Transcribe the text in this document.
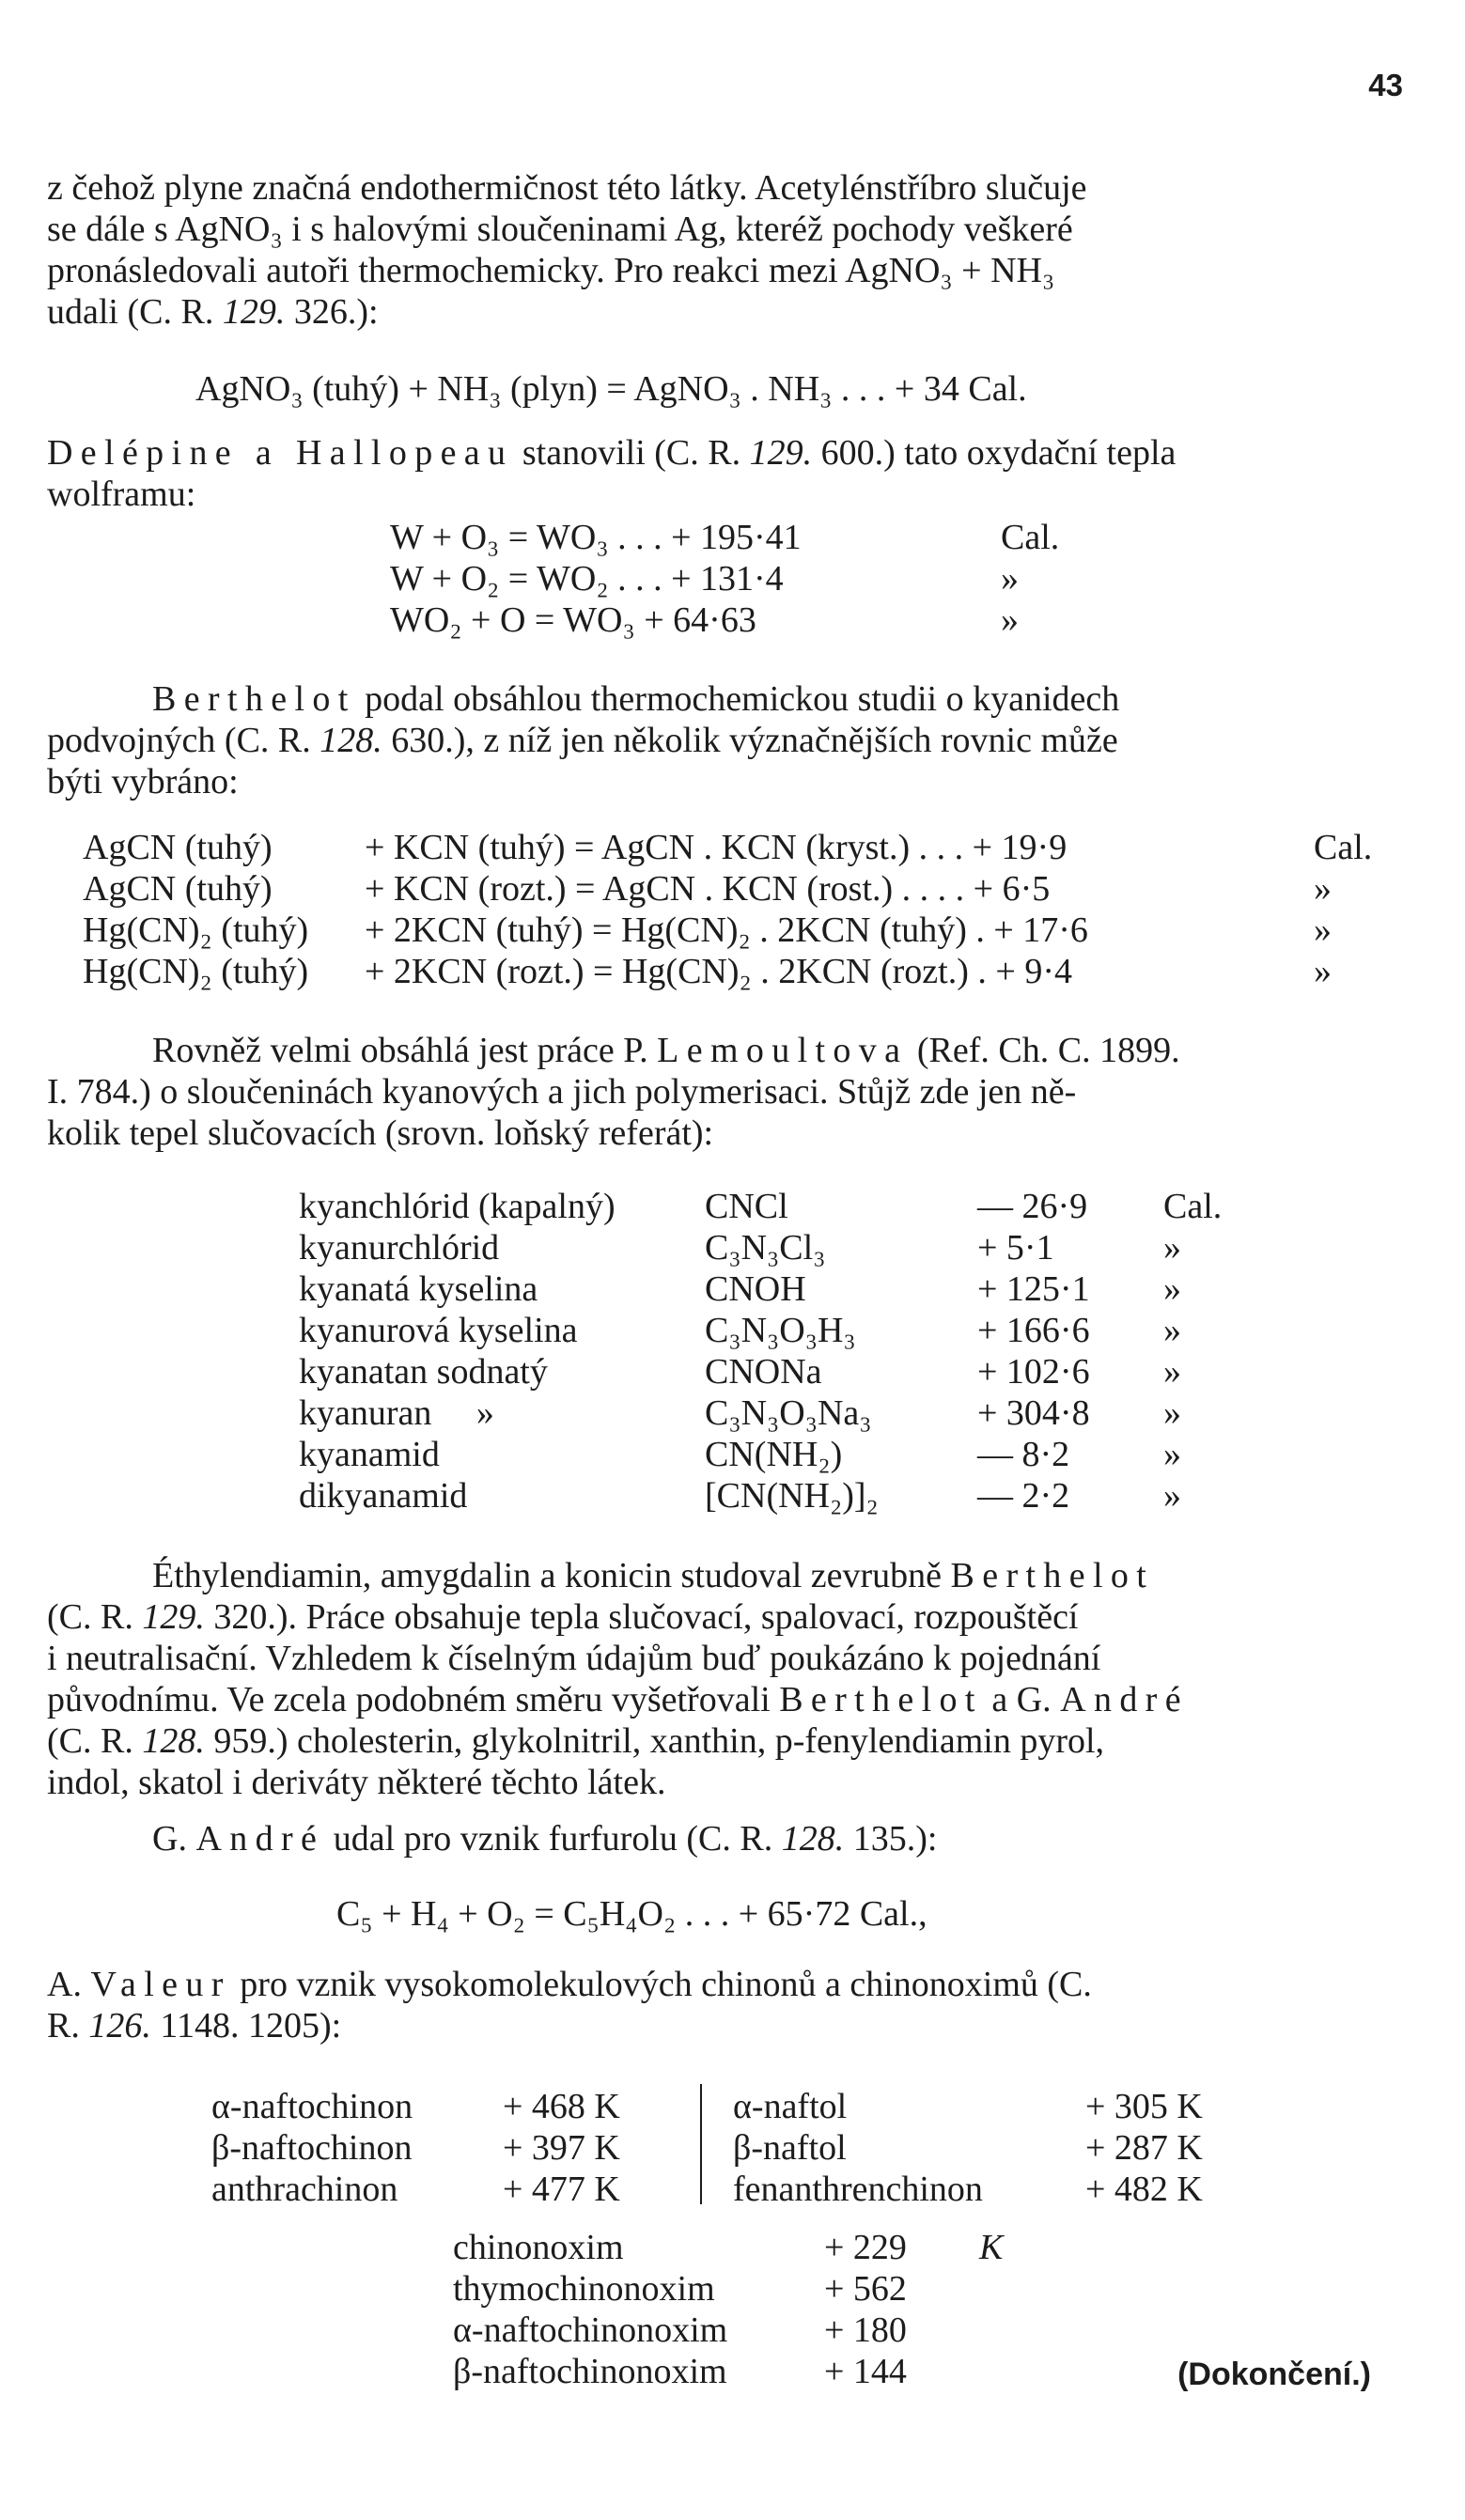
43
z čehož plyne značná endothermičnost této látky. Acetylénstříbro slučuje
se dále s AgNO₃ i s halovými sloučeninami Ag, kteréž pochody veškeré
pronásledovali autoři thermochemicky. Pro reakci mezi AgNO₃ + NH₃
udali (C. R. 129. 326.):
AgNO₃ (tuhý) + NH₃ (plyn) = AgNO₃ . NH₃ . . . + 34 Cal.
Delépine a Hallopeau stanovili (C. R. 129. 600.) tato oxydační tepla
wolframu:
W + O₃ = WO₃ . . . + 195·41	Cal.
W + O₂ = WO₂ . . . + 131·4	»
WO₂ + O = WO₃ + 64·63	»
Berthelot podal obsáhlou thermochemickou studii o kyanidech
podvojných (C. R. 128. 630.), z níž jen několik význačnějších rovnic může
býti vybráno:
AgCN (tuhý)	+ KCN (tuhý) = AgCN . KCN (kryst.) . . . + 19·9	Cal.
AgCN (tuhý)	+ KCN (rozt.) = AgCN . KCN (rost.) . . . . + 6·5	»
Hg(CN)₂ (tuhý) + 2KCN (tuhý) = Hg(CN)₂ . 2KCN (tuhý) . + 17·6	»
Hg(CN)₂ (tuhý) + 2KCN (rozt.) = Hg(CN)₂ . 2KCN (rozt.) . + 9·4	»
Rovněž velmi obsáhlá jest práce P. Lemoultova (Ref. Ch. C. 1899.
I. 784.) o sloučeninách kyanových a jich polymerisaci. Stůjž zde jen ně-
kolik tepel slučovacích (srovn. loňský referát):
kyanchlórid (kapalný)	CNCl	— 26·9 Cal.
kyanurchlórid	C₃N₃Cl₃	+ 5·1	»
kyanatá kyselina	CNOH	+ 125·1 »
kyanurová kyselina	C₃N₃O₃H₃	+ 166·6 »
kyanatan sodnatý	CNONa	+ 102·6 »
kyanuran     »	C₃N₃O₃Na₃	+ 304·8 »
kyanamid	CN(NH₂)	— 8·2	»
dikyanamid	[CN(NH₂)]₂	— 2·2	»
Éthylendiamin, amygdalin a konicin studoval zevrubně Berthelot
(C. R. 129. 320.). Práce obsahuje tepla slučovací, spalovací, rozpouštěcí
i neutralisační. Vzhledem k číselným údajům buď poukázáno k pojednání
původnímu. Ve zcela podobném směru vyšetřovali Berthelot a G. André
(C. R. 128. 959.) cholesterin, glykolnitril, xanthin, p-fenylendiamin pyrol,
indol, skatol i deriváty některé těchto látek.
G. André udal pro vznik furfurolu (C. R. 128. 135.):
C₅ + H₄ + O₂ = C₅H₄O₂ . . . + 65·72 Cal.,
A. Valeur pro vznik vysokomolekulových chinonů a chinonoximů (C.
R. 126. 1148. 1205):
α-naftochinon	+ 468 K	α-naftol	+ 305 K
β-naftochinon	+ 397 K	β-naftol	+ 287 K
anthrachinon	+ 477 K	fenanthrenchinon	+ 482 K
chinonoxim	+ 229 K
thymochinonoxim	+ 562
α-naftochinonoxim	+ 180
β-naftochinonoxim	+ 144	(Dokončení.)
